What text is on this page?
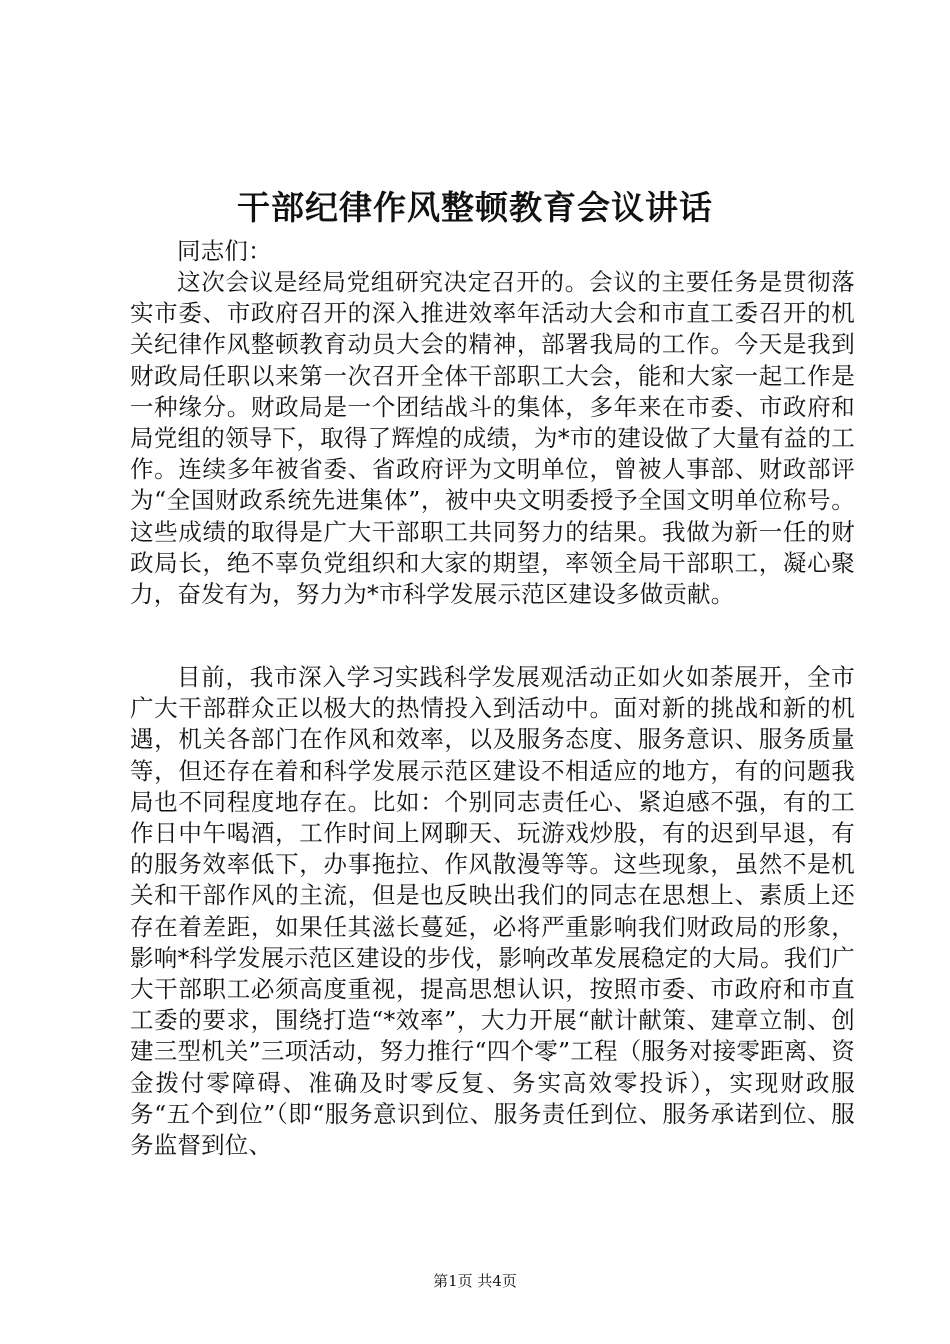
干部纪律作风整顿教育会议讲话

同志们：

这次会议是经局党组研究决定召开的。会议的主要任务是贯彻落实市委、市政府召开的深入推进效率年活动大会和市直工委召开的机关纪律作风整顿教育动员大会的精神，部署我局的工作。今天是我到财政局任职以来第一次召开全体干部职工大会，能和大家一起工作是一种缘分。财政局是一个团结战斗的集体，多年来在市委、市政府和局党组的领导下，取得了辉煌的成绩，为*市的建设做了大量有益的工作。连续多年被省委、省政府评为文明单位，曾被人事部、财政部评为“全国财政系统先进集体”，被中央文明委授予全国文明单位称号。这些成绩的取得是广大干部职工共同努力的结果。我做为新一任的财政局长，绝不辜负党组织和大家的期望，率领全局干部职工，凝心聚力，奋发有为，努力为*市科学发展示范区建设多做贡献。

目前，我市深入学习实践科学发展观活动正如火如荼展开，全市广大干部群众正以极大的热情投入到活动中。面对新的挑战和新的机遇，机关各部门在作风和效率，以及服务态度、服务意识、服务质量等，但还存在着和科学发展示范区建设不相适应的地方，有的问题我局也不同程度地存在。比如：个别同志责任心、紧迫感不强，有的工作日中午喝酒，工作时间上网聊天、玩游戏炒股，有的迟到早退，有的服务效率低下，办事拖拉、作风散漫等等。这些现象，虽然不是机关和干部作风的主流，但是也反映出我们的同志在思想上、素质上还存在着差距，如果任其滋长蔓延，必将严重影响我们财政局的形象，影响*科学发展示范区建设的步伐，影响改革发展稳定的大局。我们广大干部职工必须高度重视，提高思想认识，按照市委、市政府和市直工委的要求，围绕打造“*效率”，大力开展“献计献策、建章立制、创建三型机关”三项活动，努力推行“四个零”工程（服务对接零距离、资金拨付零障碍、准确及时零反复、务实高效零投诉），实现财政服务“五个到位”（即“服务意识到位、服务责任到位、服务承诺到位、服务监督到位、

第1页 共4页
